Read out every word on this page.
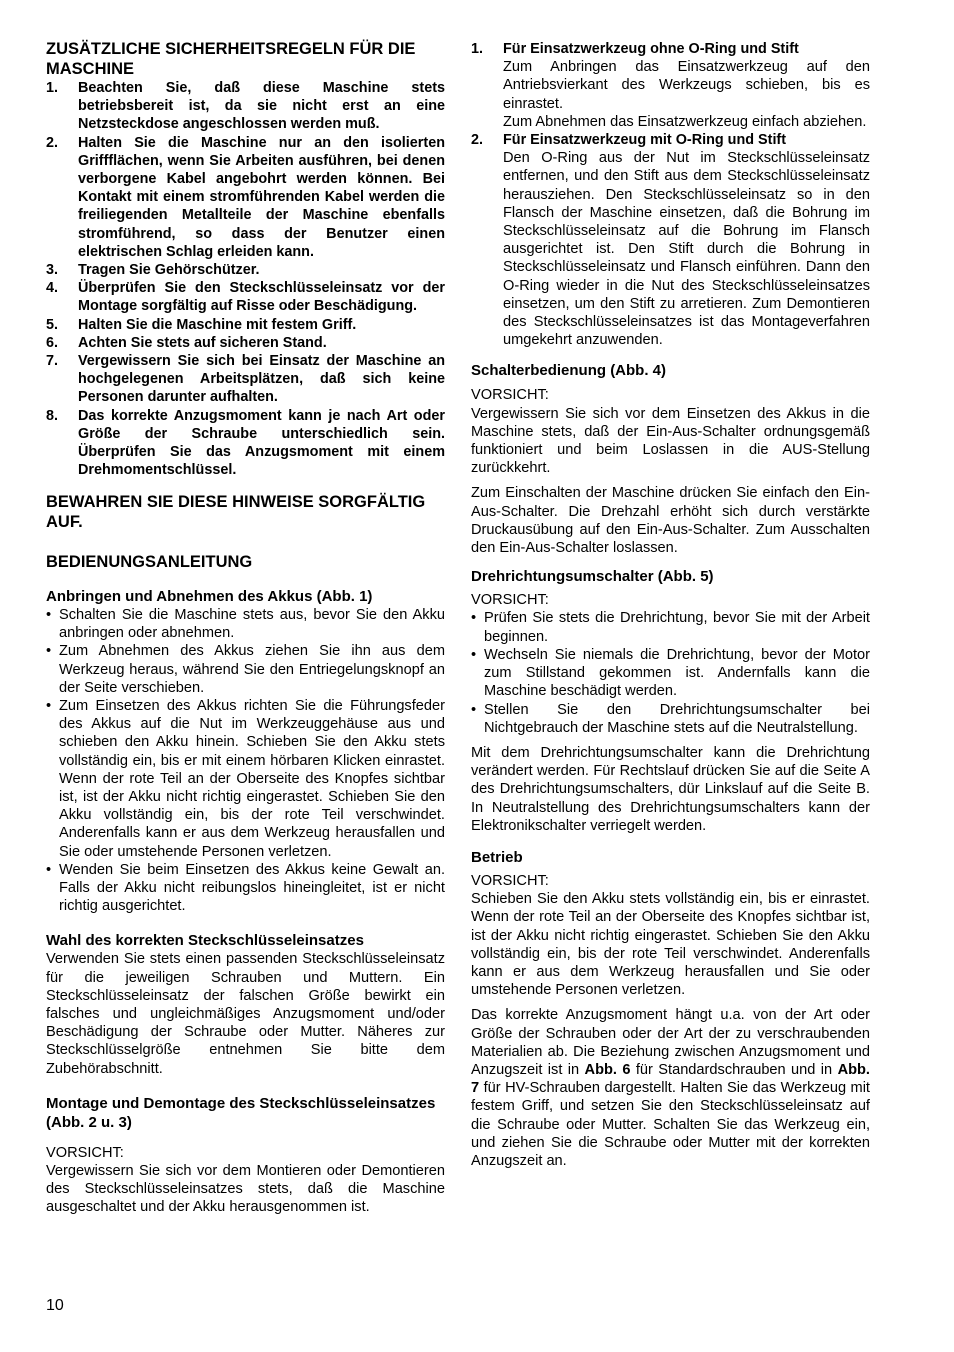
ZUSÄTZLICHE SICHERHEITSREGELN FÜR DIE MASCHINE

1.	Beachten Sie, daß diese Maschine stets betriebsbereit ist, da sie nicht erst an eine Netzsteckdose angeschlossen werden muß.
2.	Halten Sie die Maschine nur an den isolierten Griffflächen, wenn Sie Arbeiten ausführen, bei denen verborgene Kabel angebohrt werden können. Bei Kontakt mit einem stromführenden Kabel werden die freiliegenden Metallteile der Maschine ebenfalls stromführend, so dass der Benutzer einen elektrischen Schlag erleiden kann.
3.	Tragen Sie Gehörschützer.
4.	Überprüfen Sie den Steckschlüsseleinsatz vor der Montage sorgfältig auf Risse oder Beschädigung.
5.	Halten Sie die Maschine mit festem Griff.
6.	Achten Sie stets auf sicheren Stand.
7.	Vergewissern Sie sich bei Einsatz der Maschine an hochgelegenen Arbeitsplätzen, daß sich keine Personen darunter aufhalten.
8.	Das korrekte Anzugsmoment kann je nach Art oder Größe der Schraube unterschiedlich sein. Überprüfen Sie das Anzugsmoment mit einem Drehmomentschlüssel.

BEWAHREN SIE DIESE HINWEISE SORGFÄLTIG AUF.

BEDIENUNGSANLEITUNG

Anbringen und Abnehmen des Akkus (Abb. 1)

• Schalten Sie die Maschine stets aus, bevor Sie den Akku anbringen oder abnehmen.
• Zum Abnehmen des Akkus ziehen Sie ihn aus dem Werkzeug heraus, während Sie den Entriegelungsknopf an der Seite verschieben.
• Zum Einsetzen des Akkus richten Sie die Führungsfeder des Akkus auf die Nut im Werkzeuggehäuse aus und schieben den Akku hinein. Schieben Sie den Akku stets vollständig ein, bis er mit einem hörbaren Klicken einrastet. Wenn der rote Teil an der Oberseite des Knopfes sichtbar ist, ist der Akku nicht richtig eingerastet. Schieben Sie den Akku vollständig ein, bis der rote Teil verschwindet. Anderenfalls kann er aus dem Werkzeug herausfallen und Sie oder umstehende Personen verletzen.
• Wenden Sie beim Einsetzen des Akkus keine Gewalt an. Falls der Akku nicht reibungslos hineingleitet, ist er nicht richtig ausgerichtet.

Wahl des korrekten Steckschlüsseleinsatzes

Verwenden Sie stets einen passenden Steckschlüsseleinsatz für die jeweiligen Schrauben und Muttern. Ein Steckschlüsseleinsatz der falschen Größe bewirkt ein falsches und ungleichmäßiges Anzugsmoment und/oder Beschädigung der Schraube oder Mutter. Näheres zur Steckschlüsselgröße entnehmen Sie bitte dem Zubehörabschnitt.

Montage und Demontage des Steckschlüsseleinsatzes (Abb. 2 u. 3)

VORSICHT:

Vergewissern Sie sich vor dem Montieren oder Demontieren des Steckschlüsseleinsatzes stets, daß die Maschine ausgeschaltet und der Akku herausgenommen ist.

1.	Für Einsatzwerkzeug ohne O-Ring und Stift

Zum Anbringen das Einsatzwerkzeug auf den Antriebsvierkant des Werkzeugs schieben, bis es einrastet.

Zum Abnehmen das Einsatzwerkzeug einfach abziehen.

2.	Für Einsatzwerkzeug mit O-Ring und Stift

Den O-Ring aus der Nut im Steckschlüsseleinsatz entfernen, und den Stift aus dem Steckschlüsseleinsatz herausziehen. Den Steckschlüsseleinsatz so in den Flansch der Maschine einsetzen, daß die Bohrung im Steckschlüsseleinsatz auf die Bohrung im Flansch ausgerichtet ist. Den Stift durch die Bohrung in Steckschlüsseleinsatz und Flansch einführen. Dann den O-Ring wieder in die Nut des Steckschlüsseleinsatzes einsetzen, um den Stift zu arretieren. Zum Demontieren des Steckschlüsseleinsatzes ist das Montageverfahren umgekehrt anzuwenden.

Schalterbedienung (Abb. 4)

VORSICHT:

Vergewissern Sie sich vor dem Einsetzen des Akkus in die Maschine stets, daß der Ein-Aus-Schalter ordnungsgemäß funktioniert und beim Loslassen in die AUS-Stellung zurückkehrt.

Zum Einschalten der Maschine drücken Sie einfach den Ein-Aus-Schalter. Die Drehzahl erhöht sich durch verstärkte Druckausübung auf den Ein-Aus-Schalter. Zum Ausschalten den Ein-Aus-Schalter loslassen.

Drehrichtungsumschalter (Abb. 5)

VORSICHT:

• Prüfen Sie stets die Drehrichtung, bevor Sie mit der Arbeit beginnen.
• Wechseln Sie niemals die Drehrichtung, bevor der Motor zum Stillstand gekommen ist. Andernfalls kann die Maschine beschädigt werden.
• Stellen Sie den Drehrichtungsumschalter bei Nichtgebrauch der Maschine stets auf die Neutralstellung.

Mit dem Drehrichtungsumschalter kann die Drehrichtung verändert werden. Für Rechtslauf drücken Sie auf die Seite A des Drehrichtungsumschalters, dür Linkslauf auf die Seite B. In Neutralstellung des Drehrichtungsumschalters kann der Elektronikschalter verriegelt werden.

Betrieb

VORSICHT:

Schieben Sie den Akku stets vollständig ein, bis er einrastet. Wenn der rote Teil an der Oberseite des Knopfes sichtbar ist, ist der Akku nicht richtig eingerastet. Schieben Sie den Akku vollständig ein, bis der rote Teil verschwindet. Anderenfalls kann er aus dem Werkzeug herausfallen und Sie oder umstehende Personen verletzen.

Das korrekte Anzugsmoment hängt u.a. von der Art oder Größe der Schrauben oder der Art der zu verschraubenden Materialien ab. Die Beziehung zwischen Anzugsmoment und Anzugszeit ist in Abb. 6 für Standardschrauben und in Abb. 7 für HV-Schrauben dargestellt. Halten Sie das Werkzeug mit festem Griff, und setzen Sie den Steckschlüsseleinsatz auf die Schraube oder Mutter. Schalten Sie das Werkzeug ein, und ziehen Sie die Schraube oder Mutter mit der korrekten Anzugszeit an.

10
